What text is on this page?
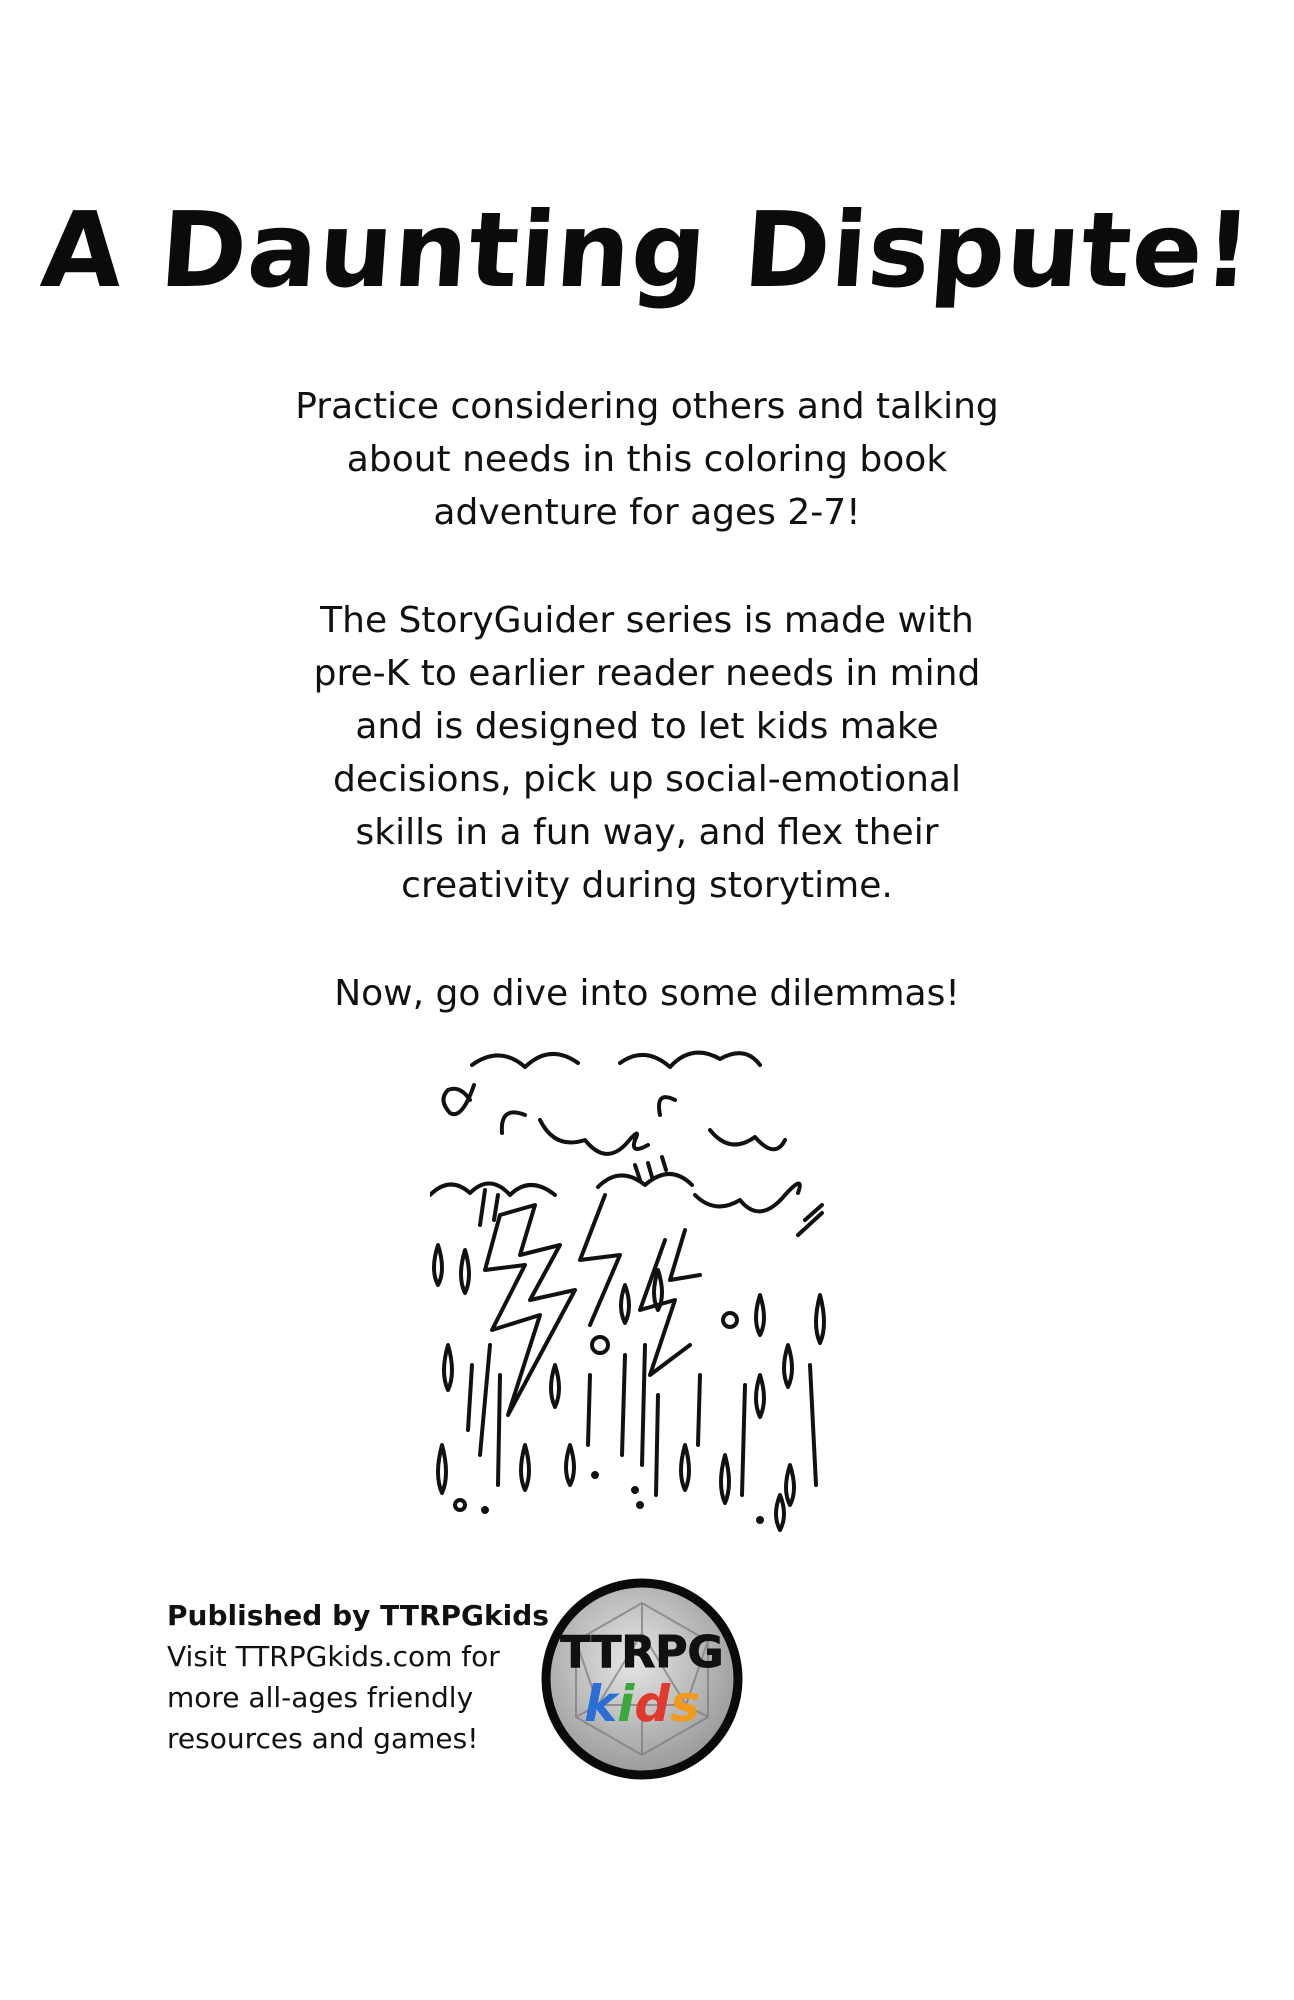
A Daunting Dispute!
Practice considering others and talking
about needs in this coloring book
adventure for ages 2-7!
The StoryGuider series is made with
pre-K to earlier reader needs in mind
and is designed to let kids make
decisions, pick up social-emotional
skills in a fun way, and flex their
creativity during storytime.
Now, go dive into some dilemmas!
Published by TTRPGkids
Visit TTRPGkids.com for
more all-ages friendly
resources and games!
TTRPG
kids
